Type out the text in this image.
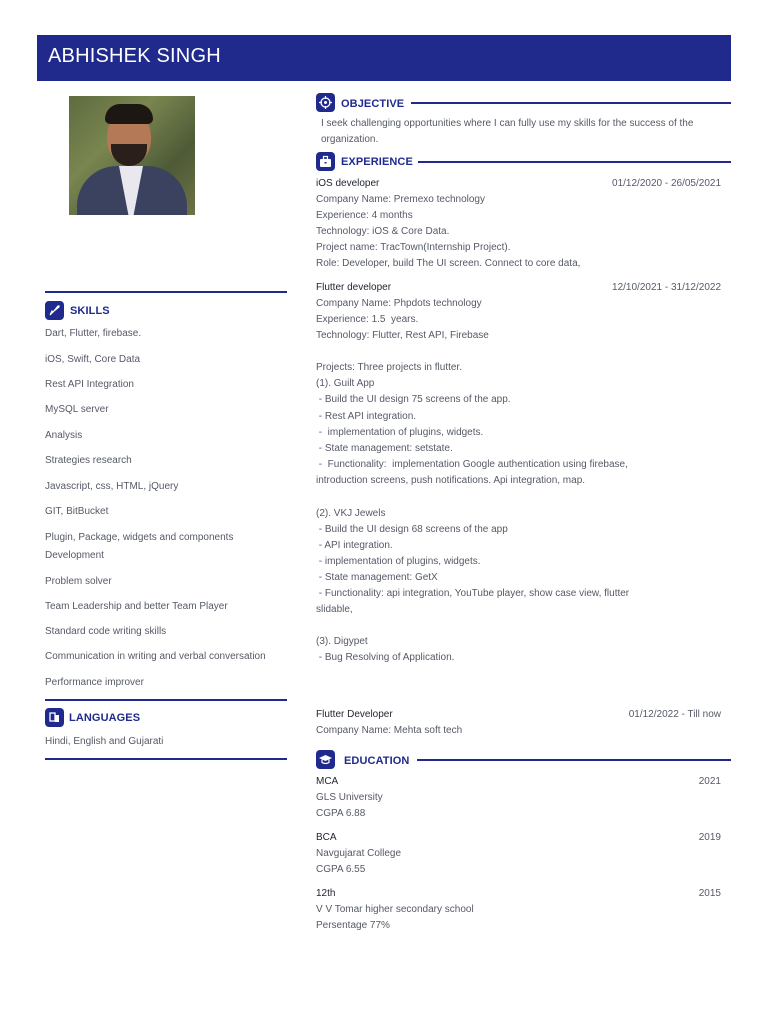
ABHISHEK SINGH
SKILLS
Dart, Flutter, firebase.
iOS, Swift, Core Data
Rest API Integration
MySQL server
Analysis
Strategies research
Javascript, css, HTML, jQuery
GIT, BitBucket
Plugin, Package, widgets and components
Development
Problem solver
Team Leadership and better Team Player
Standard code writing skills
Communication in writing and verbal conversation
Performance improver
LANGUAGES
Hindi, English and Gujarati
OBJECTIVE
I seek challenging opportunities where I can fully use my skills for the success of the
organization.
EXPERIENCE
iOS developer	01/12/2020 - 26/05/2021
Company Name: Premexo technology
Experience: 4 months
Technology: iOS & Core Data.
Project name: TracTown(Internship Project).
Role: Developer, build The UI screen. Connect to core data,
Flutter developer	12/10/2021 - 31/12/2022
Company Name: Phpdots technology
Experience: 1.5  years.
Technology: Flutter, Rest API, Firebase
Projects: Three projects in flutter.
(1). Guilt App
- Build the UI design 75 screens of the app.
- Rest API integration.
-  implementation of plugins, widgets.
- State management: setstate.
-  Functionality:  implementation Google authentication using firebase,
introduction screens, push notifications. Api integration, map.
(2). VKJ Jewels
- Build the UI design 68 screens of the app
- API integration.
- implementation of plugins, widgets.
- State management: GetX
- Functionality: api integration, YouTube player, show case view, flutter
slidable,
(3). Digypet
- Bug Resolving of Application.
Flutter Developer	01/12/2022 - Till now
Company Name: Mehta soft tech
EDUCATION
MCA	2021
GLS University
CGPA 6.88
BCA	2019
Navgujarat College
CGPA 6.55
12th	2015
V V Tomar higher secondary school
Persentage 77%
